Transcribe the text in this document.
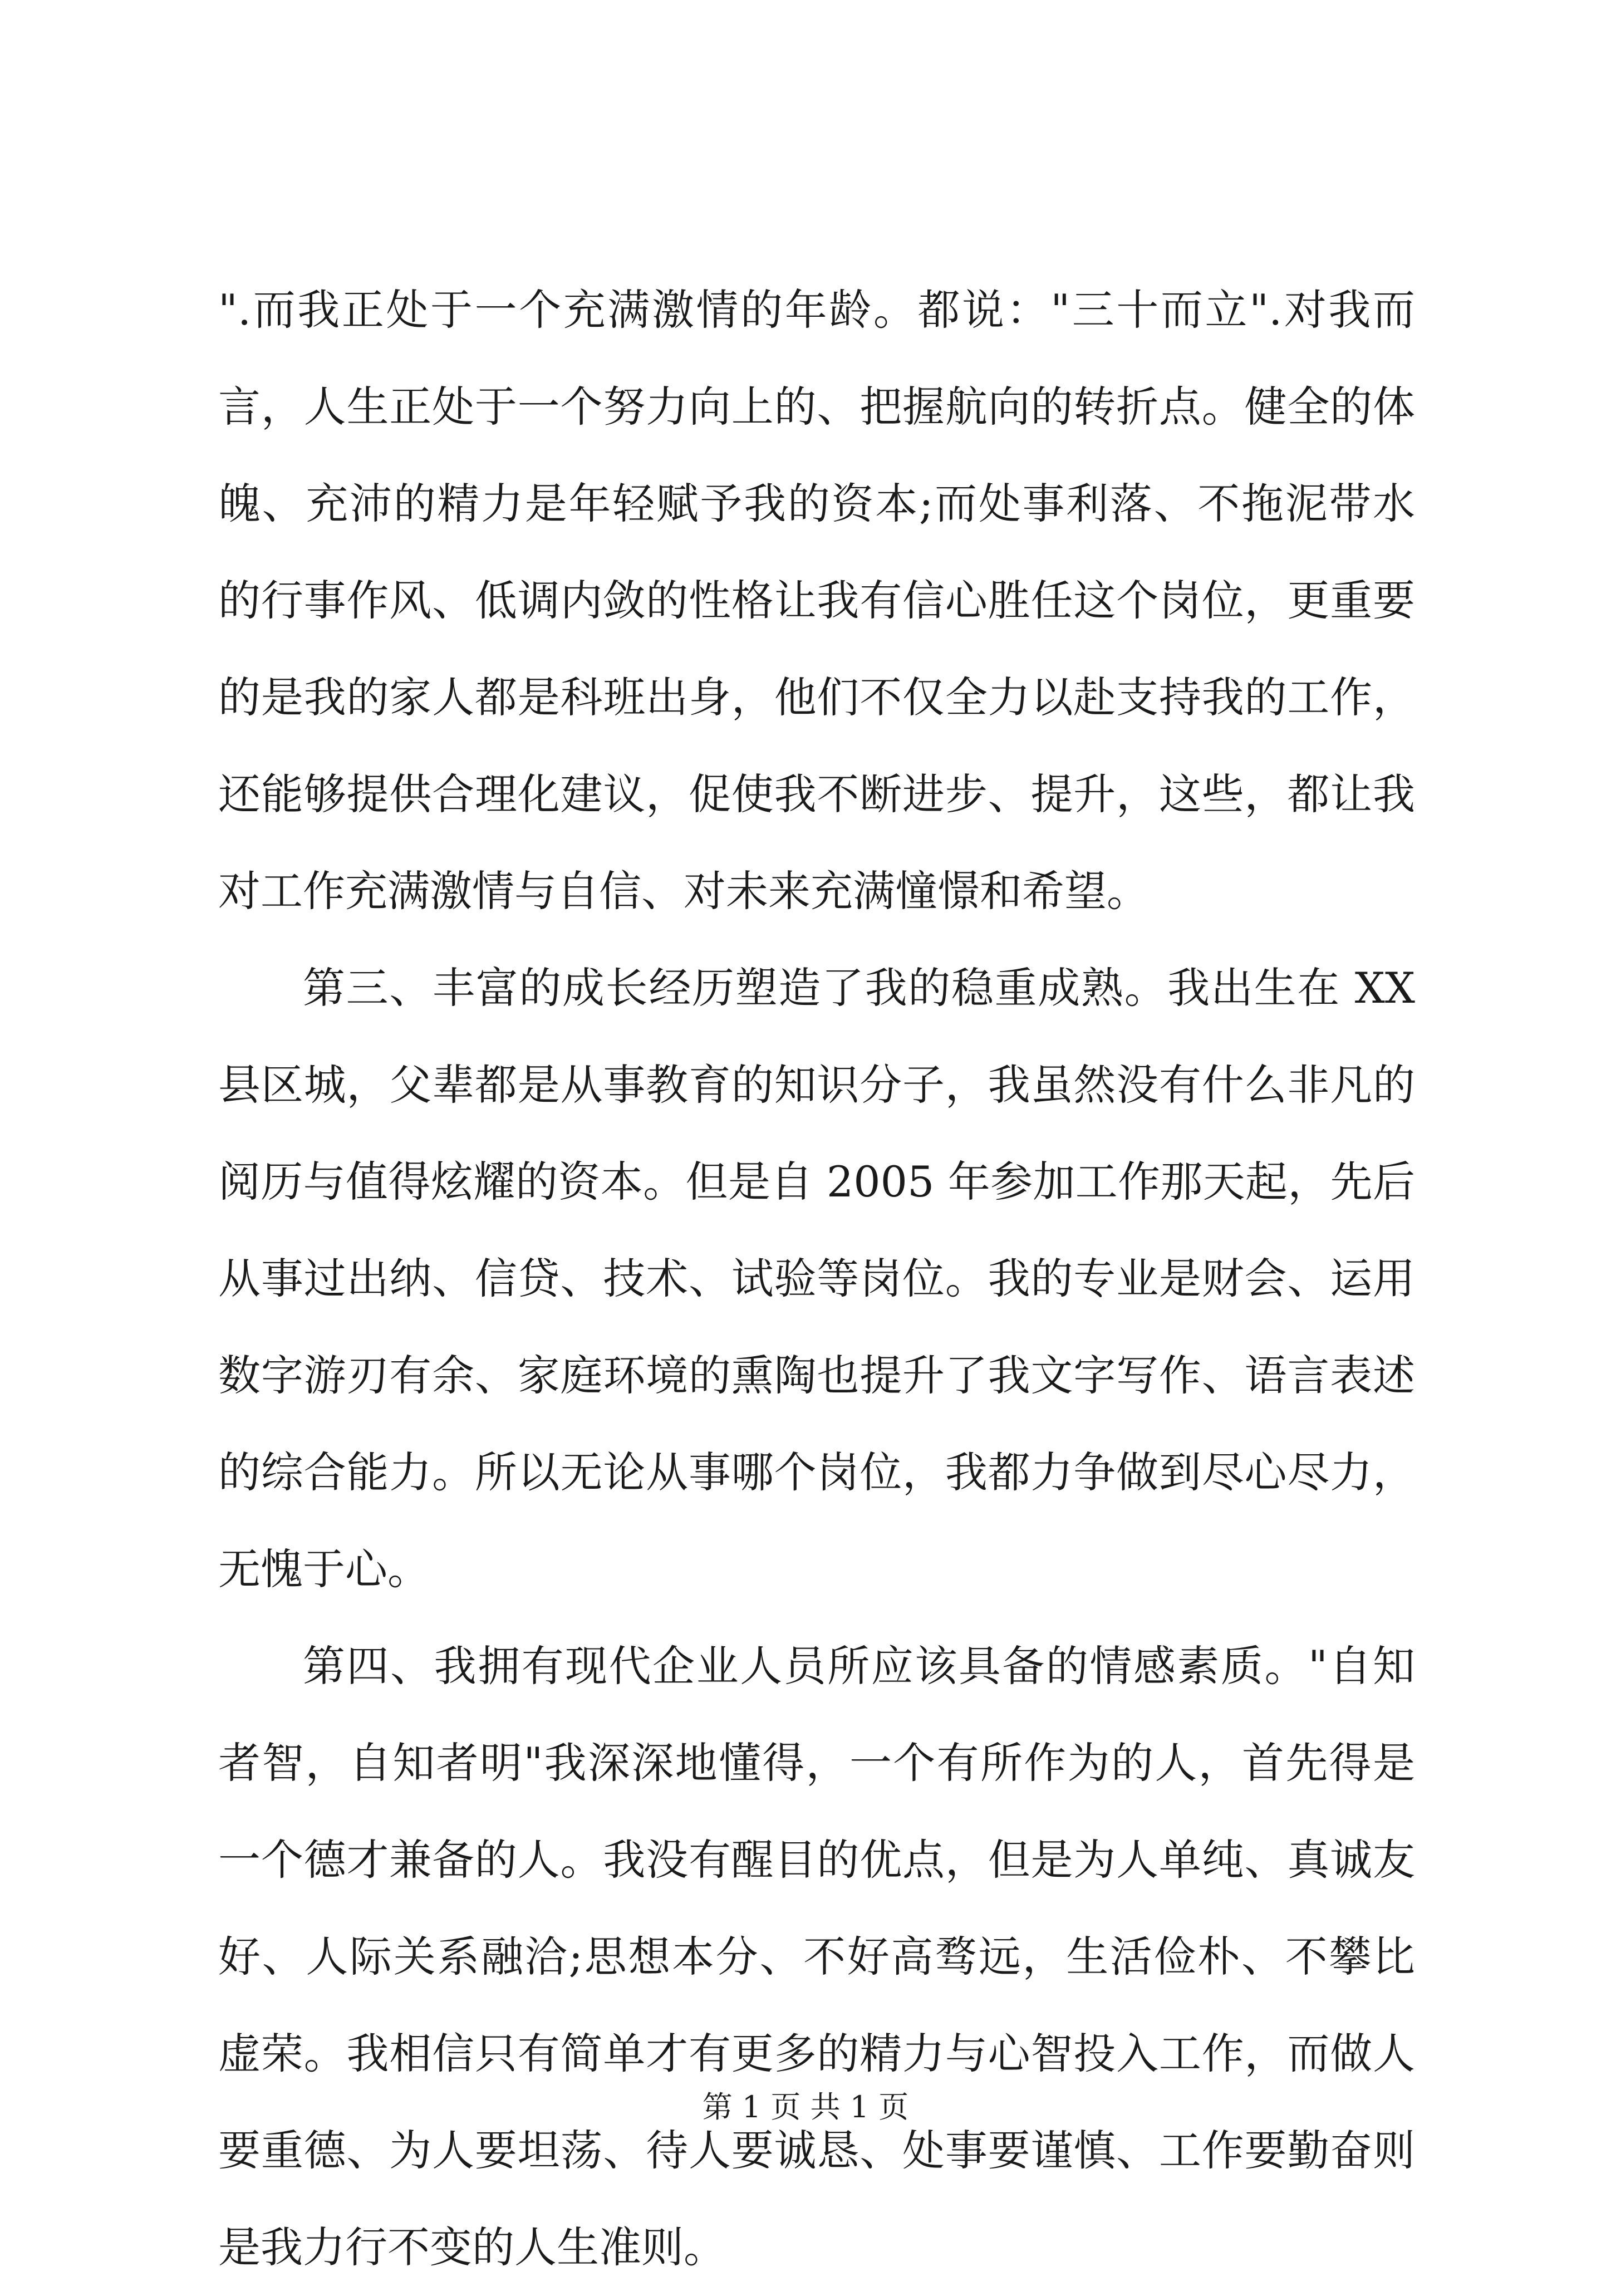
".而我正处于一个充满激情的年龄。都说："三十而立".对我而
言，人生正处于一个努力向上的、把握航向的转折点。健全的体
魄、充沛的精力是年轻赋予我的资本;而处事利落、不拖泥带水
的行事作风、低调内敛的性格让我有信心胜任这个岗位，更重要
的是我的家人都是科班出身，他们不仅全力以赴支持我的工作，
还能够提供合理化建议，促使我不断进步、提升，这些，都让我
对工作充满激情与自信、对未来充满憧憬和希望。
第三、丰富的成长经历塑造了我的稳重成熟。我出生在 XX
县区城，父辈都是从事教育的知识分子，我虽然没有什么非凡的
阅历与值得炫耀的资本。但是自 2005 年参加工作那天起，先后
从事过出纳、信贷、技术、试验等岗位。我的专业是财会、运用
数字游刃有余、家庭环境的熏陶也提升了我文字写作、语言表述
的综合能力。所以无论从事哪个岗位，我都力争做到尽心尽力，
无愧于心。
第四、我拥有现代企业人员所应该具备的情感素质。"自知
者智，自知者明"我深深地懂得，一个有所作为的人，首先得是
一个德才兼备的人。我没有醒目的优点，但是为人单纯、真诚友
好、人际关系融洽;思想本分、不好高骛远，生活俭朴、不攀比
虚荣。我相信只有简单才有更多的精力与心智投入工作，而做人
要重德、为人要坦荡、待人要诚恳、处事要谨慎、工作要勤奋则
是我力行不变的人生准则。
第 1 页 共 1 页
